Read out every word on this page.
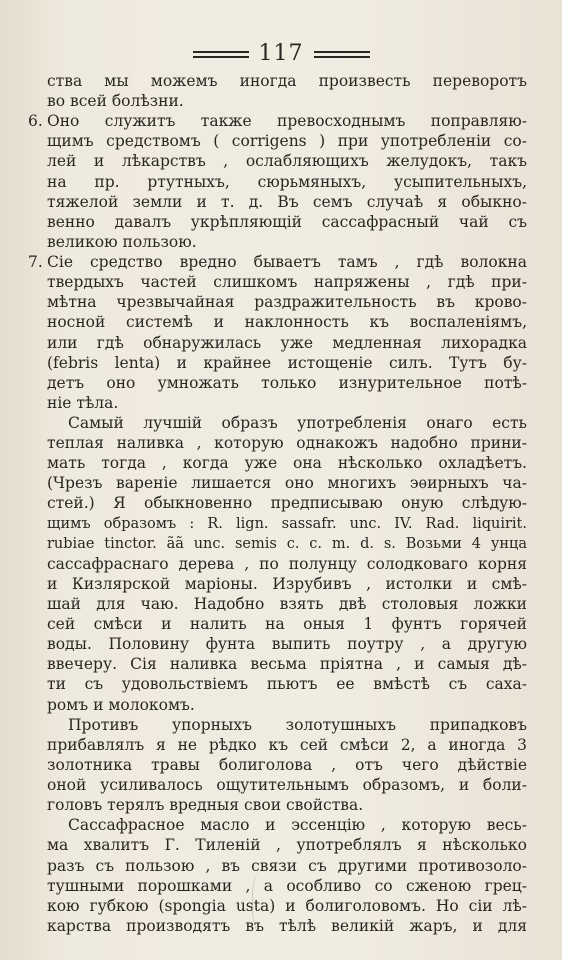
117
ства мы можемъ иногда произвесть переворотъ
во всей болѣзни.
6. Оно служитъ также превосходнымъ поправляю-
щимъ средствомъ ( corrigens ) при употребленіи со-
лей и лѣкарствъ , ослабляющихъ желудокъ, такъ
на пр. ртутныхъ, сюрьмяныхъ, усыпительныхъ,
тяжелой земли и т. д. Въ семъ случаѣ я обыкно-
венно давалъ укрѣпляющій сассафрасный чай съ
великою пользою.
7. Сіе средство вредно бываетъ тамъ , гдѣ волокна
твердыхъ частей слишкомъ напряжены , гдѣ при-
мѣтна чрезвычайная раздражительность въ крово-
носной системѣ и наклонность къ воспаленіямъ,
или гдѣ обнаружилась уже медленная лихорадка
(febris lenta) и крайнее истощеніе силъ. Тутъ бу-
детъ оно умножать только изнурительное потѣ-
ніе тѣла.
Самый лучшій образъ употребленія онаго есть
теплая наливка , которую однакожъ надобно прини-
мать тогда , когда уже она нѣсколько охладѣетъ.
(Чрезъ вареніе лишается оно многихъ эѳирныхъ ча-
стей.) Я обыкновенно предписываю оную слѣдую-
щимъ образомъ : R. lign. sassafr. unc. IV. Rad. liquirit.
rubiae tinctor. ãã unc. semis c. c. m. d. s. Возьми 4 унца
сассафраснаго дерева , по полунцу солодковаго корня
и Кизлярской маріоны. Изрубивъ , истолки и смѣ-
шай для чаю. Надобно взять двѣ столовыя ложки
сей смѣси и налить на оныя 1 фунтъ горячей
воды. Половину фунта выпить поутру , а другую
ввечеру. Сія наливка весьма пріятна , и самыя дѣ-
ти съ удовольствіемъ пьютъ ее вмѣстѣ съ саха-
ромъ и молокомъ.
Противъ упорныхъ золотушныхъ припадковъ
прибавлялъ я не рѣдко къ сей смѣси 2, а иногда 3
золотника травы болиголова , отъ чего дѣйствіе
оной усиливалось ощутительнымъ образомъ, и боли-
головъ терялъ вредныя свои свойства.
Сассафрасное масло и эссенцію , которую весь-
ма хвалитъ Г. Тиленій , употреблялъ я нѣсколько
разъ съ пользою , въ связи съ другими противозоло-
тушными порошками , а особливо со сженою грец-
кою губкою (spongia usta) и болиголовомъ. Но сіи лѣ-
карства производятъ въ тѣлѣ великій жаръ, и для
